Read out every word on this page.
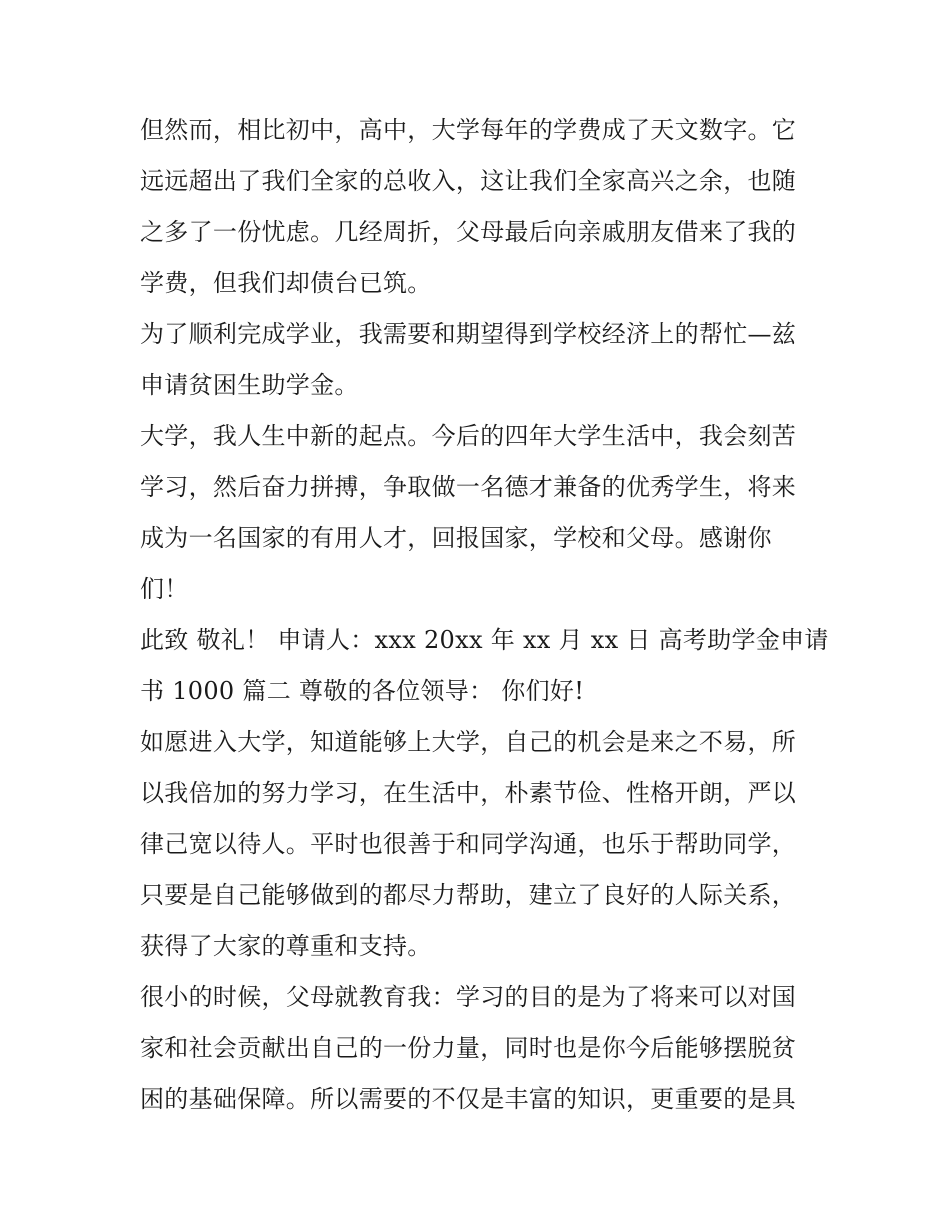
但然而，相比初中，高中，大学每年的学费成了天文数字。它
远远超出了我们全家的总收入，这让我们全家高兴之余，也随
之多了一份忧虑。几经周折，父母最后向亲戚朋友借来了我的
学费，但我们却债台已筑。
为了顺利完成学业，我需要和期望得到学校经济上的帮忙—兹
申请贫困生助学金。
大学，我人生中新的起点。今后的四年大学生活中，我会刻苦
学习，然后奋力拼搏，争取做一名德才兼备的优秀学生，将来
成为一名国家的有用人才，回报国家，学校和父母。感谢你
们！
此致 敬礼！ 申请人：xxx 20xx 年 xx 月 xx 日 高考助学金申请
书 1000 篇二 尊敬的各位领导： 你们好!
如愿进入大学，知道能够上大学，自己的机会是来之不易，所
以我倍加的努力学习，在生活中，朴素节俭、性格开朗，严以
律己宽以待人。平时也很善于和同学沟通，也乐于帮助同学，
只要是自己能够做到的都尽力帮助，建立了良好的人际关系，
获得了大家的尊重和支持。
很小的时候，父母就教育我：学习的目的是为了将来可以对国
家和社会贡献出自己的一份力量，同时也是你今后能够摆脱贫
困的基础保障。所以需要的不仅是丰富的知识，更重要的是具
